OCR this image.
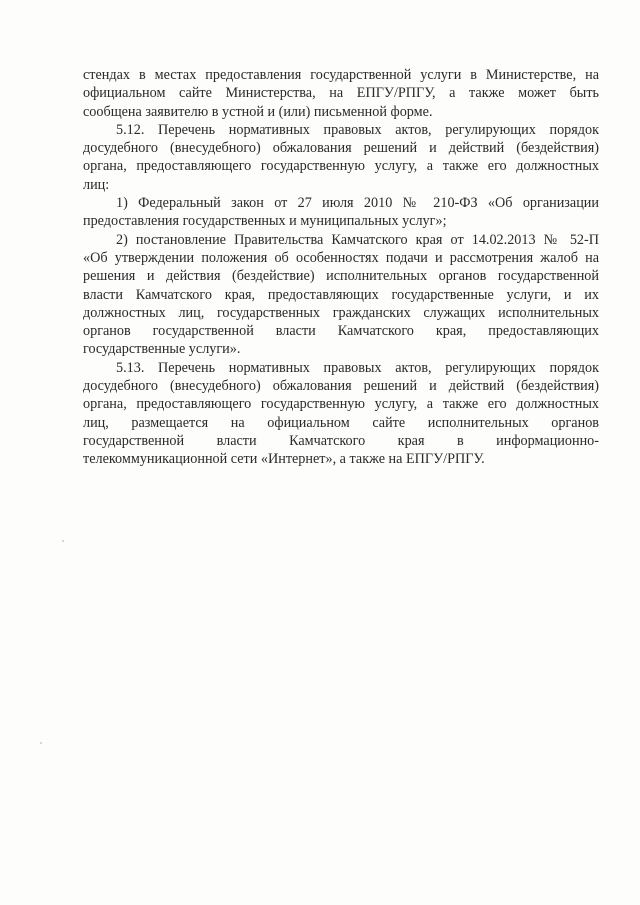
стендах в местах предоставления государственной услуги в Министерстве, на
официальном сайте Министерства, на ЕПГУ/РПГУ, а также может быть
сообщена заявителю в устной и (или) письменной форме.

5.12. Перечень нормативных правовых актов, регулирующих порядок
досудебного (внесудебного) обжалования решений и действий (бездействия)
органа, предоставляющего государственную услугу, а также его должностных
лиц:

1) Федеральный закон от 27 июля 2010 № 210-ФЗ «Об организации
предоставления государственных и муниципальных услуг»;

2) постановление Правительства Камчатского края от 14.02.2013 № 52-П
«Об утверждении положения об особенностях подачи и рассмотрения жалоб на
решения и действия (бездействие) исполнительных органов государственной
власти Камчатского края, предоставляющих государственные услуги, и их
должностных лиц, государственных гражданских служащих исполнительных
органов государственной власти Камчатского края, предоставляющих
государственные услуги».

5.13. Перечень нормативных правовых актов, регулирующих порядок
досудебного (внесудебного) обжалования решений и действий (бездействия)
органа, предоставляющего государственную услугу, а также его должностных
лиц, размещается на официальном сайте исполнительных органов
государственной власти Камчатского края в информационно-
телекоммуникационной сети «Интернет», а также на ЕПГУ/РПГУ.
